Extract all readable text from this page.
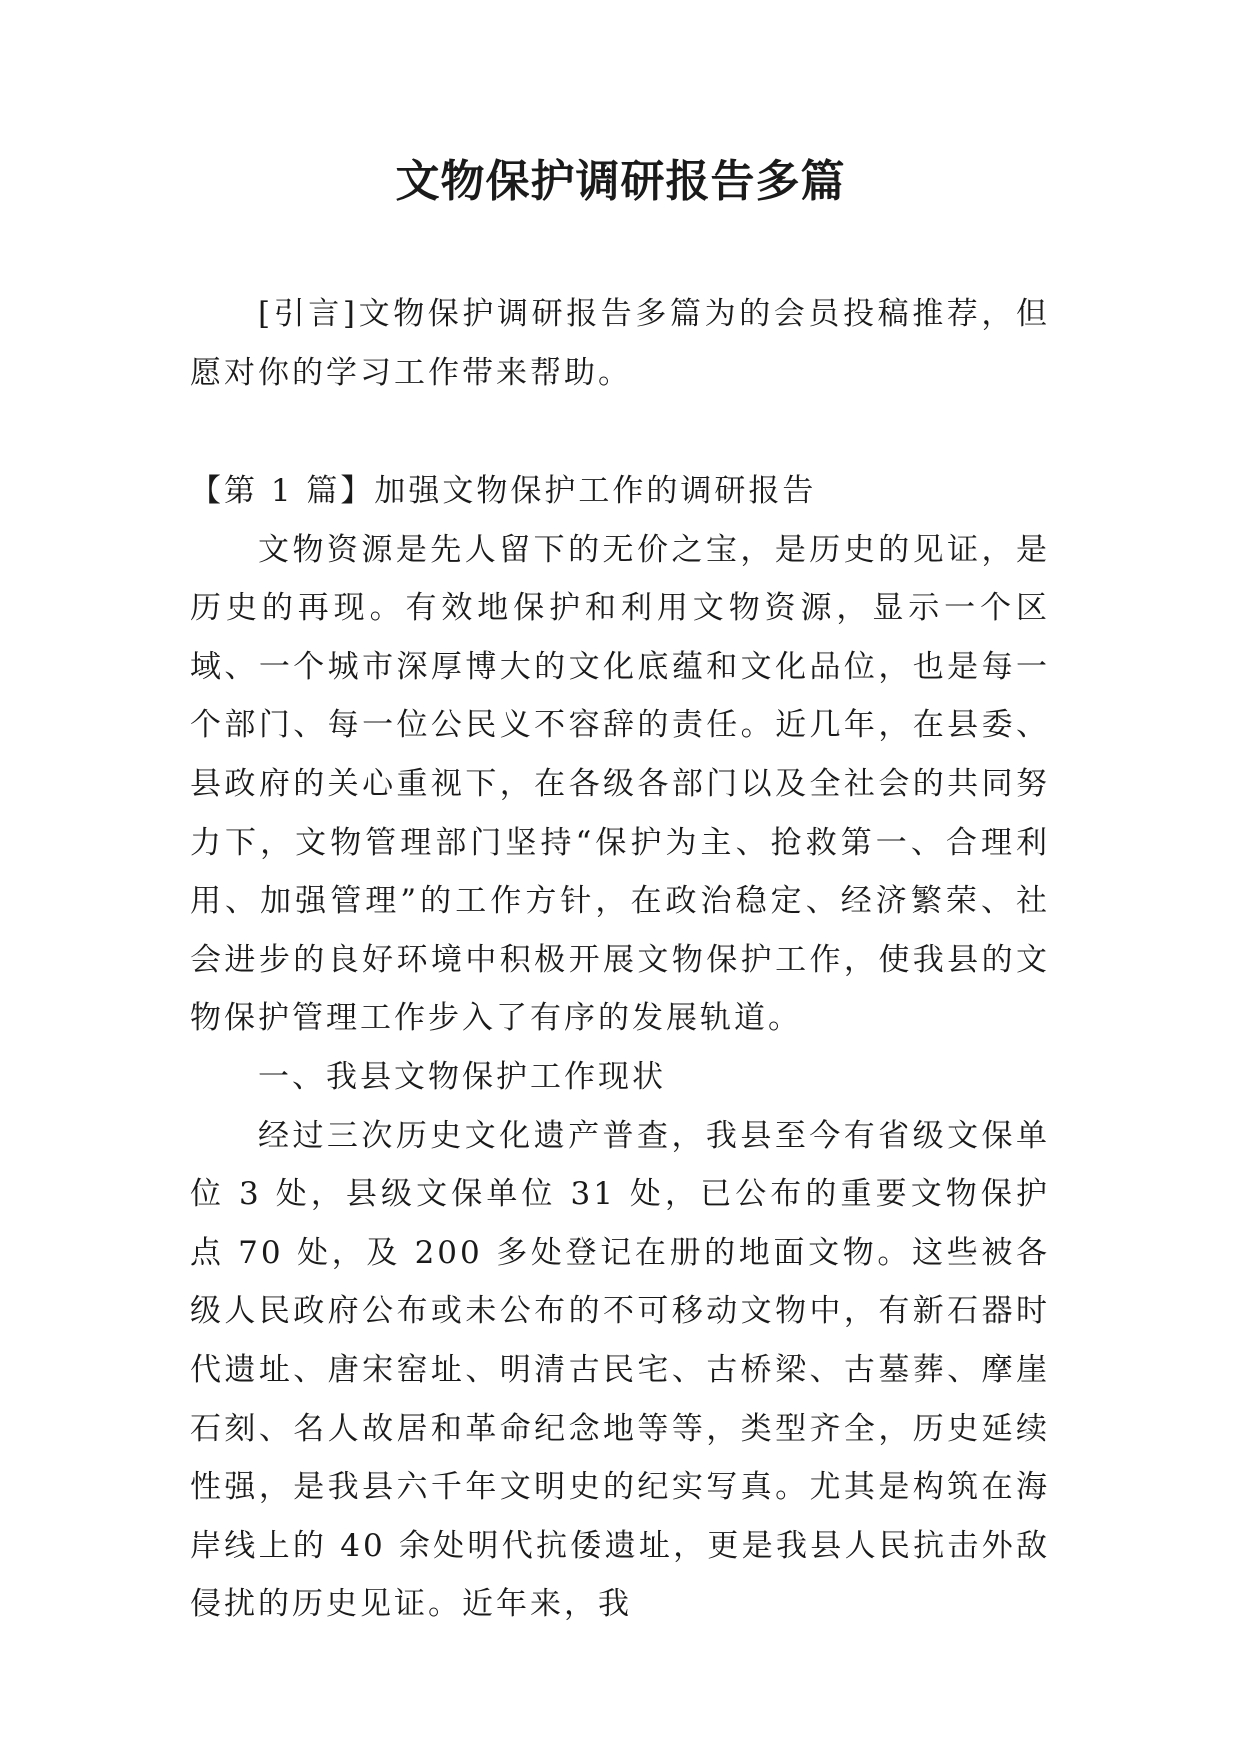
文物保护调研报告多篇

[引言]文物保护调研报告多篇为的会员投稿推荐，但愿对你的学习工作带来帮助。

【第 1 篇】加强文物保护工作的调研报告

文物资源是先人留下的无价之宝，是历史的见证，是历史的再现。有效地保护和利用文物资源，显示一个区域、一个城市深厚博大的文化底蕴和文化品位，也是每一个部门、每一位公民义不容辞的责任。近几年，在县委、县政府的关心重视下，在各级各部门以及全社会的共同努力下，文物管理部门坚持“保护为主、抢救第一、合理利用、加强管理”的工作方针，在政治稳定、经济繁荣、社会进步的良好环境中积极开展文物保护工作，使我县的文物保护管理工作步入了有序的发展轨道。

一、我县文物保护工作现状

经过三次历史文化遗产普查，我县至今有省级文保单位 3 处，县级文保单位 31 处，已公布的重要文物保护点 70 处，及 200 多处登记在册的地面文物。这些被各级人民政府公布或未公布的不可移动文物中，有新石器时代遗址、唐宋窑址、明清古民宅、古桥梁、古墓葬、摩崖石刻、名人故居和革命纪念地等等，类型齐全，历史延续性强，是我县六千年文明史的纪实写真。尤其是构筑在海岸线上的 40 余处明代抗倭遗址，更是我县人民抗击外敌侵扰的历史见证。近年来，我
